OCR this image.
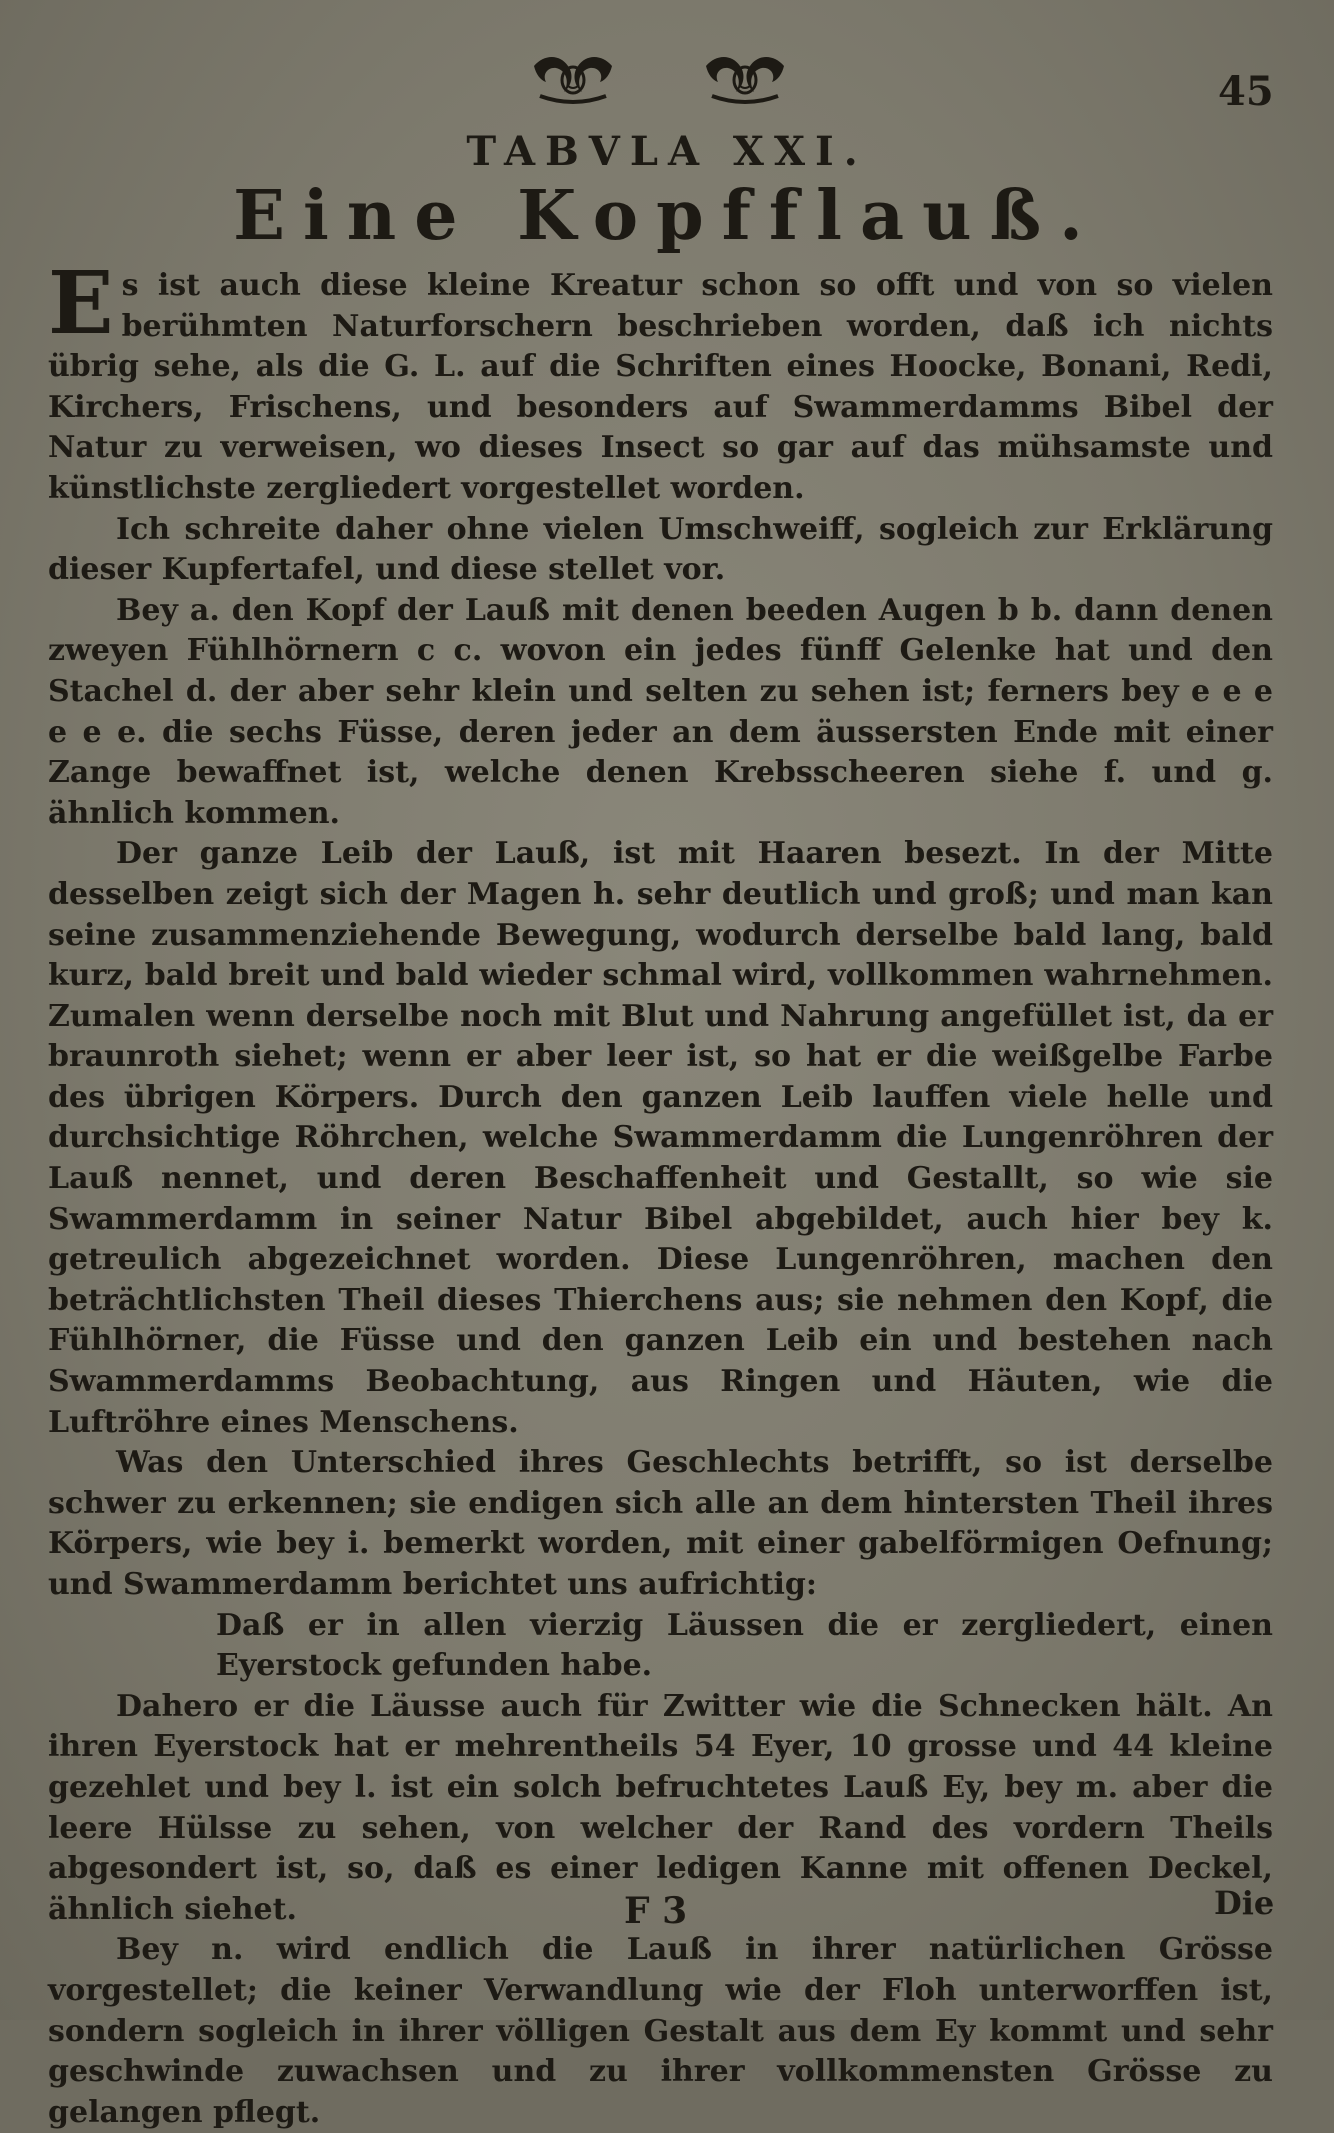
45
TABVLA XXI.
Eine Kopfflauß.

Es ist auch diese kleine Kreatur schon so offt und von so vielen berühmten Naturforschern beschrieben worden, daß ich nichts übrig sehe, als die G. L. auf die Schriften eines Hoocke, Bonani, Redi, Kirchers, Frischens, und besonders auf Swammerdamms Bibel der Natur zu verweisen, wo dieses Insect so gar auf das mühsamste und künstlichste zergliedert vorgestellet worden.

Ich schreite daher ohne vielen Umschweiff, sogleich zur Erklärung dieser Kupfertafel, und diese stellet vor.

Bey a. den Kopf der Lauß mit denen beeden Augen b b. dann denen zweyen Fühlhörnern c c. wovon ein jedes fünff Gelenke hat und den Stachel d. der aber sehr klein und selten zu sehen ist; ferners bey e e e e e e. die sechs Füsse, deren jeder an dem äussersten Ende mit einer Zange bewaffnet ist, welche denen Krebsscheeren siehe f. und g. ähnlich kommen.

Der ganze Leib der Lauß, ist mit Haaren besezt. In der Mitte desselben zeigt sich der Magen h. sehr deutlich und groß; und man kan seine zusammenziehende Bewegung, wodurch derselbe bald lang, bald kurz, bald breit und bald wieder schmal wird, vollkommen wahrnehmen. Zumalen wenn derselbe noch mit Blut und Nahrung angefüllet ist, da er braunroth siehet; wenn er aber leer ist, so hat er die weißgelbe Farbe des übrigen Körpers. Durch den ganzen Leib lauffen viele helle und durchsichtige Röhrchen, welche Swammerdamm die Lungenröhren der Lauß nennet, und deren Beschaffenheit und Gestallt, so wie sie Swammerdamm in seiner Natur Bibel abgebildet, auch hier bey k. getreulich abgezeichnet worden. Diese Lungenröhren, machen den beträchtlichsten Theil dieses Thierchens aus; sie nehmen den Kopf, die Fühlhörner, die Füsse und den ganzen Leib ein und bestehen nach Swammerdamms Beobachtung, aus Ringen und Häuten, wie die Luftröhre eines Menschens.

Was den Unterschied ihres Geschlechts betrifft, so ist derselbe schwer zu erkennen; sie endigen sich alle an dem hintersten Theil ihres Körpers, wie bey i. bemerkt worden, mit einer gabelförmigen Oefnung; und Swammerdamm berichtet uns aufrichtig:

Daß er in allen vierzig Läussen die er zergliedert, einen Eyerstock gefunden habe.

Dahero er die Läusse auch für Zwitter wie die Schnecken hält. An ihren Eyerstock hat er mehrentheils 54 Eyer, 10 grosse und 44 kleine gezehlet und bey l. ist ein solch befruchtetes Lauß Ey, bey m. aber die leere Hülsse zu sehen, von welcher der Rand des vordern Theils abgesondert ist, so, daß es einer ledigen Kanne mit offenen Deckel, ähnlich siehet.

Bey n. wird endlich die Lauß in ihrer natürlichen Grösse vorgestellet; die keiner Verwandlung wie der Floh unterworffen ist, sondern sogleich in ihrer völligen Gestalt aus dem Ey kommt und sehr geschwinde zuwachsen und zu ihrer vollkommensten Grösse zu gelangen pflegt.

F 3	Die
